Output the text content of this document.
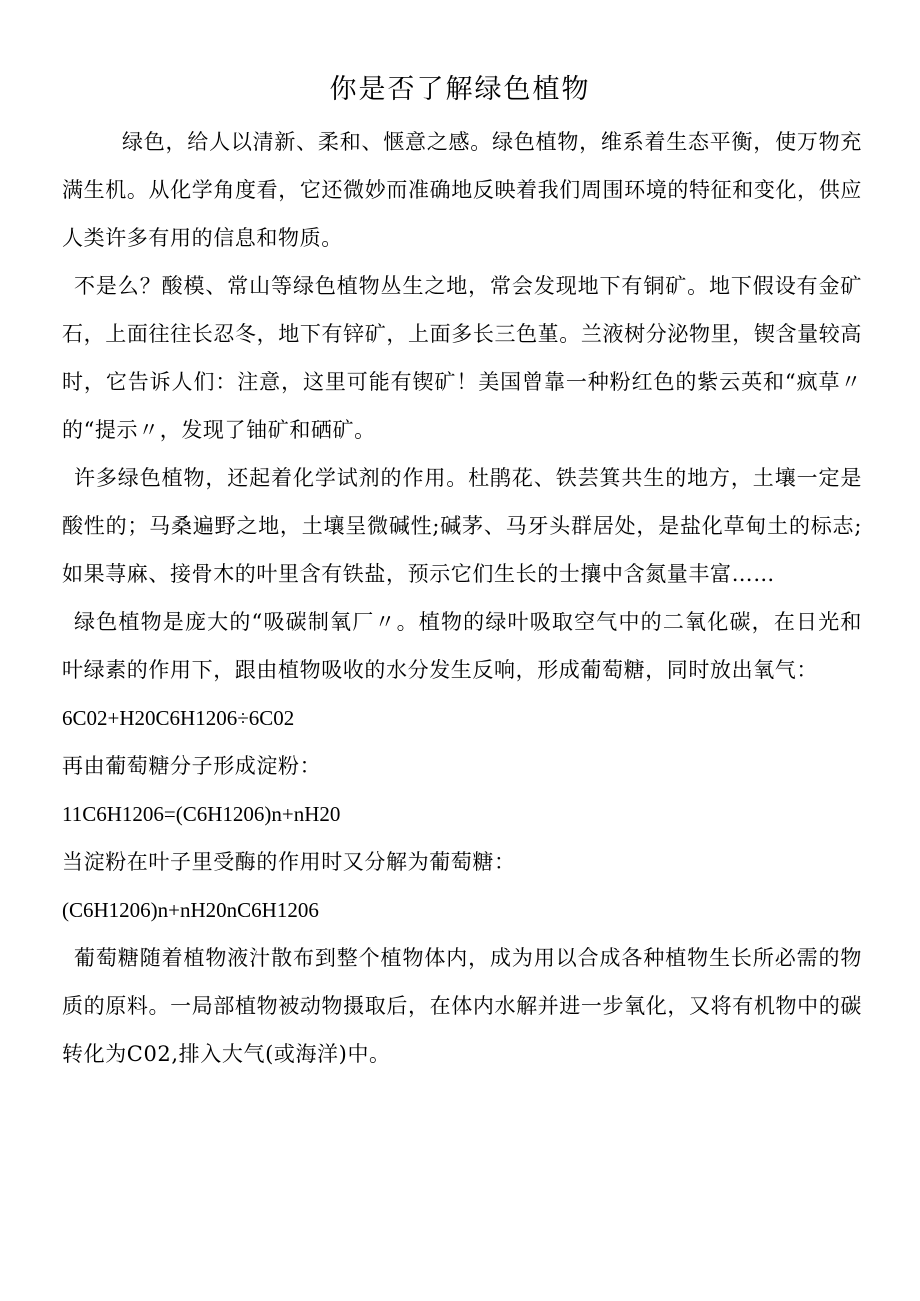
你是否了解绿色植物

绿色，给人以清新、柔和、惬意之感。绿色植物，维系着生态平衡，使万物充满生机。从化学角度看，它还微妙而准确地反映着我们周围环境的特征和变化，供应人类许多有用的信息和物质。

不是么？酸模、常山等绿色植物丛生之地，常会发现地下有铜矿。地下假设有金矿石，上面往往长忍冬，地下有锌矿，上面多长三色堇。兰液树分泌物里，锲含量较高时，它告诉人们：注意，这里可能有锲矿！美国曾靠一种粉红色的紫云英和“疯草〃的“提示〃，发现了铀矿和硒矿。

许多绿色植物，还起着化学试剂的作用。杜鹃花、铁芸箕共生的地方，土壤一定是酸性的；马桑遍野之地，土壤呈微碱性;碱茅、马牙头群居处，是盐化草甸土的标志;如果荨麻、接骨木的叶里含有铁盐，预示它们生长的士攘中含氮量丰富……

绿色植物是庞大的“吸碳制氧厂〃。植物的绿叶吸取空气中的二氧化碳，在日光和叶绿素的作用下，跟由植物吸收的水分发生反响，形成葡萄糖，同时放出氧气：

6C02+H20C6H1206÷6C02

再由葡萄糖分子形成淀粉：

11C6H1206=(C6H1206)n+nH20

当淀粉在叶子里受酶的作用时又分解为葡萄糖：

(C6H1206)n+nH20nC6H1206

葡萄糖随着植物液汁散布到整个植物体内，成为用以合成各种植物生长所必需的物质的原料。一局部植物被动物摄取后，在体内水解并进一步氧化，又将有机物中的碳转化为C02,排入大气(或海洋)中。
